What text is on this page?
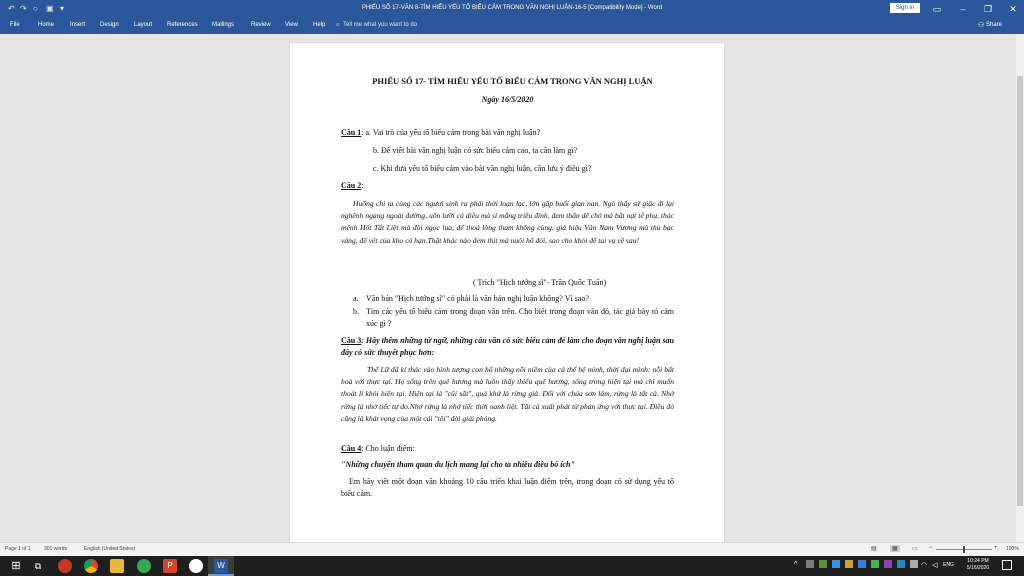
↶ ↷ ○ ▣ ▾	PHIẾU SỐ 17-VĂN 8-TÌM HIỂU YẾU TỐ BIỂU CẢM TRONG VĂN NGHỊ LUẬN-16-5 [Compatibility Mode] - Word	Sign in	▭	–	❐	✕
File	Home	Insert Design	Layout References Mailings	Review View	Help ☼ Tell me what you want to do	⚇ Share
PHIẾU SỐ 17- TÌM HIỂU YẾU TỐ BIỂU CẢM TRONG VĂN NGHỊ LUẬN
Ngày 16/5/2020
Câu 1: a. Vai trò của yếu tố biểu cảm trong bài văn nghị luận?
b. Để viết bài văn nghị luận có sức biểu cảm cao, ta cần làm gì?
c. Khi đưa yếu tố biểu cảm vào bài văn nghị luận, cần lưu ý điều gì?
Câu 2:
Huống chi ta cùng các ngươi sinh ra phải thời loạn lạc, lớn gặp buổi gian nan. Ngó thấy sứ giặc đi lại nghênh ngang ngoài đường, uốn lưỡi cú diều mà sỉ mắng triều đình, đem thân dê chó mà bắt nạt tể phụ, thác mệnh Hốt Tất Liệt mà đòi ngọc lụa, để thoả lòng tham không cùng, giả hiệu Vân Nam Vương mà thu bạc vàng, để vét của kho có hạn.Thật khác nào đem thịt mà nuôi hổ đói, sao cho khỏi để tai vạ về sau!
( Trích "Hịch tướng sĩ"- Trần Quốc Tuấn)
a. Văn bản "Hịch tướng sĩ" có phải là văn bản nghị luận không? Vì sao?
b. Tìm các yếu tố biểu cảm trong đoạn văn trên. Cho biết trong đoạn văn đó, tác giả bày tỏ cảm xúc gì ?
Câu 3: Hãy thêm những từ ngữ, những câu văn có sức biểu cảm để làm cho đoạn văn nghị luận sau đây có sức thuyết phục hơn:
Thế Lữ đã kí thác vào hình tượng con hổ những nỗi niềm của cả thế hệ mình, thời đại mình: nỗi bất hoà với thực tại. Họ sống trên quê hương mà luôn thấy thiếu quê hương, sống trong hiện tại mà chỉ muốn thoát li khỏi hiện tại. Hiện tại là "cũi sắt", quá khứ là rừng già. Đối với chúa sơn lâm, rừng là tất cả. Nhớ rừng là nhớ tiếc tự do.Nhớ rừng là nhớ tiếc thời oanh liệt. Tất cả xuất phát từ phản ứng với thực tại. Điều đó cũng là khát vọng của một cái "tôi" đòi giải phóng.
Câu 4: Cho luận điểm:
"Những chuyến tham quan du lịch mang lại cho ta nhiều điều bổ ích"
Em hãy viết một đoạn văn khoảng 10 câu triển khai luận điểm trên, trong đoạn có sử dụng yếu tố biểu cảm.
Page 1 of 1	301 words	English (United States)	▤	▦	▭ −	+ 100%
⊞	⧉	P	W	^	◠ ◁ ENG
10:24 PM
5/16/2020
